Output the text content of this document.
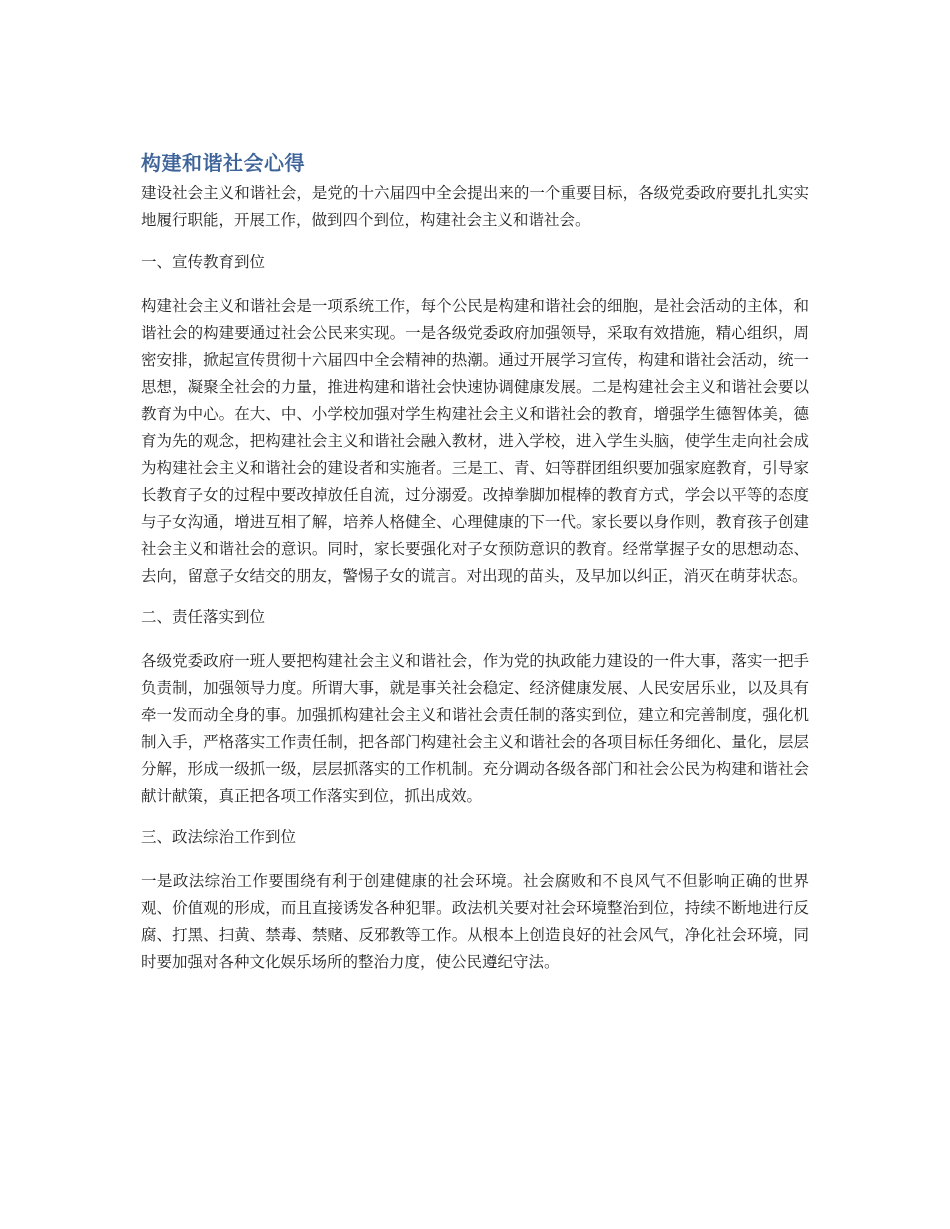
构建和谐社会心得

建设社会主义和谐社会，是党的十六届四中全会提出来的一个重要目标，各级党委政府要扎扎实实地履行职能，开展工作，做到四个到位，构建社会主义和谐社会。

一、宣传教育到位

构建社会主义和谐社会是一项系统工作，每个公民是构建和谐社会的细胞，是社会活动的主体，和谐社会的构建要通过社会公民来实现。一是各级党委政府加强领导，采取有效措施，精心组织，周密安排，掀起宣传贯彻十六届四中全会精神的热潮。通过开展学习宣传，构建和谐社会活动，统一思想，凝聚全社会的力量，推进构建和谐社会快速协调健康发展。二是构建社会主义和谐社会要以教育为中心。在大、中、小学校加强对学生构建社会主义和谐社会的教育，增强学生德智体美，德育为先的观念，把构建社会主义和谐社会融入教材，进入学校，进入学生头脑，使学生走向社会成为构建社会主义和谐社会的建设者和实施者。三是工、青、妇等群团组织要加强家庭教育，引导家长教育子女的过程中要改掉放任自流，过分溺爱。改掉拳脚加棍棒的教育方式，学会以平等的态度与子女沟通，增进互相了解，培养人格健全、心理健康的下一代。家长要以身作则，教育孩子创建社会主义和谐社会的意识。同时，家长要强化对子女预防意识的教育。经常掌握子女的思想动态、去向，留意子女结交的朋友，警惕子女的谎言。对出现的苗头，及早加以纠正，消灭在萌芽状态。

二、责任落实到位

各级党委政府一班人要把构建社会主义和谐社会，作为党的执政能力建设的一件大事，落实一把手负责制，加强领导力度。所谓大事，就是事关社会稳定、经济健康发展、人民安居乐业，以及具有牵一发而动全身的事。加强抓构建社会主义和谐社会责任制的落实到位，建立和完善制度，强化机制入手，严格落实工作责任制，把各部门构建社会主义和谐社会的各项目标任务细化、量化，层层分解，形成一级抓一级，层层抓落实的工作机制。充分调动各级各部门和社会公民为构建和谐社会献计献策，真正把各项工作落实到位，抓出成效。

三、政法综治工作到位

一是政法综治工作要围绕有利于创建健康的社会环境。社会腐败和不良风气不但影响正确的世界观、价值观的形成，而且直接诱发各种犯罪。政法机关要对社会环境整治到位，持续不断地进行反腐、打黑、扫黄、禁毒、禁赌、反邪教等工作。从根本上创造良好的社会风气，净化社会环境，同时要加强对各种文化娱乐场所的整治力度，使公民遵纪守法。
